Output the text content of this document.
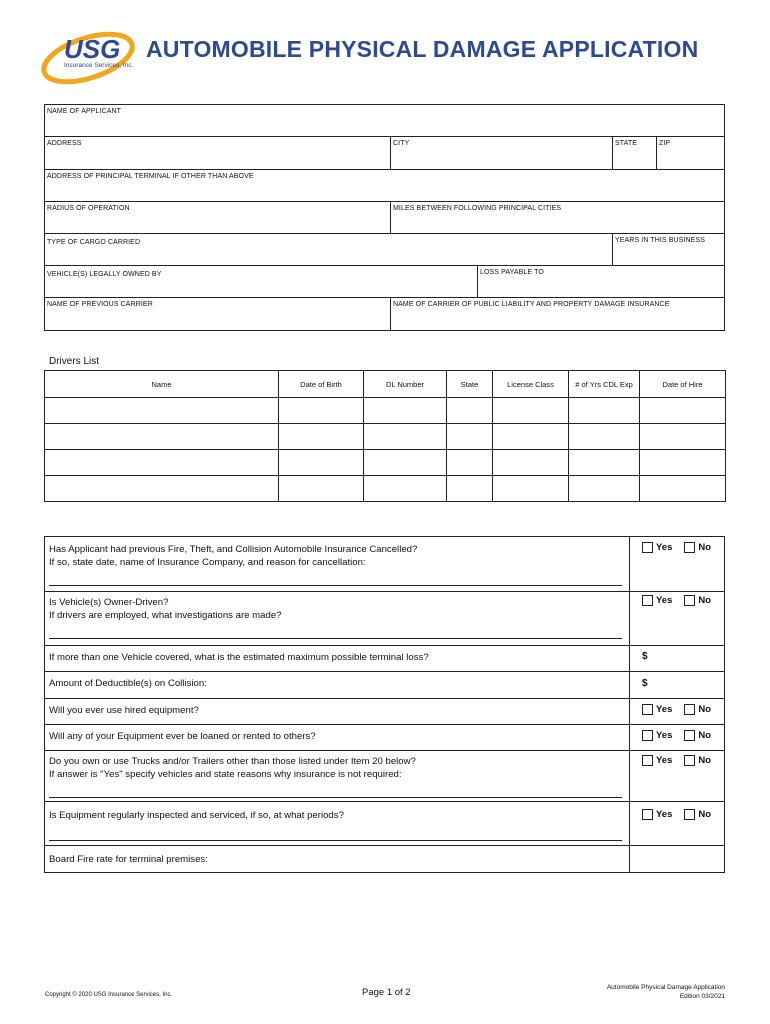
USG
Insurance Services, Inc.
AUTOMOBILE PHYSICAL DAMAGE APPLICATION
NAME OF APPLICANT
ADDRESS	CITY	STATE	ZIP
ADDRESS OF PRINCIPAL TERMINAL IF OTHER THAN ABOVE
RADIUS OF OPERATION	MILES BETWEEN FOLLOWING PRINCIPAL CITIES
TYPE OF CARGO CARRIED	YEARS IN THIS BUSINESS
VEHICLE(S) LEGALLY OWNED BY	LOSS PAYABLE TO
NAME OF PREVIOUS CARRIER	NAME OF CARRIER OF PUBLIC LIABILITY AND PROPERTY DAMAGE INSURANCE
Drivers List
Name	Date of Birth	DL Number	State	License Class	# of Yrs CDL Exp	Date of Hire

Has Applicant had previous Fire, Theft, and Collision Automobile Insurance Cancelled?
If so, state date, name of Insurance Company, and reason for cancellation:
Yes	No
Is Vehicle(s) Owner-Driven?
If drivers are employed, what investigations are made?
Yes	No
If more than one Vehicle covered, what is the estimated maximum possible terminal loss?	$
Amount of Deductible(s) on Collision:	$
Will you ever use hired equipment?	Yes	No
Will any of your Equipment ever be loaned or rented to others?	Yes	No
Do you own or use Trucks and/or Trailers other than those listed under Item 20 below?
If answer is "Yes" specify vehicles and state reasons why insurance is not required:
Yes	No
Is Equipment regularly inspected and serviced, if so, at what periods?	Yes	No
Board Fire rate for terminal premises:
Copyright © 2020 USG Insurance Services, Inc.	Page 1 of 2	Automobile Physical Damage Application
Edition 03/2021
